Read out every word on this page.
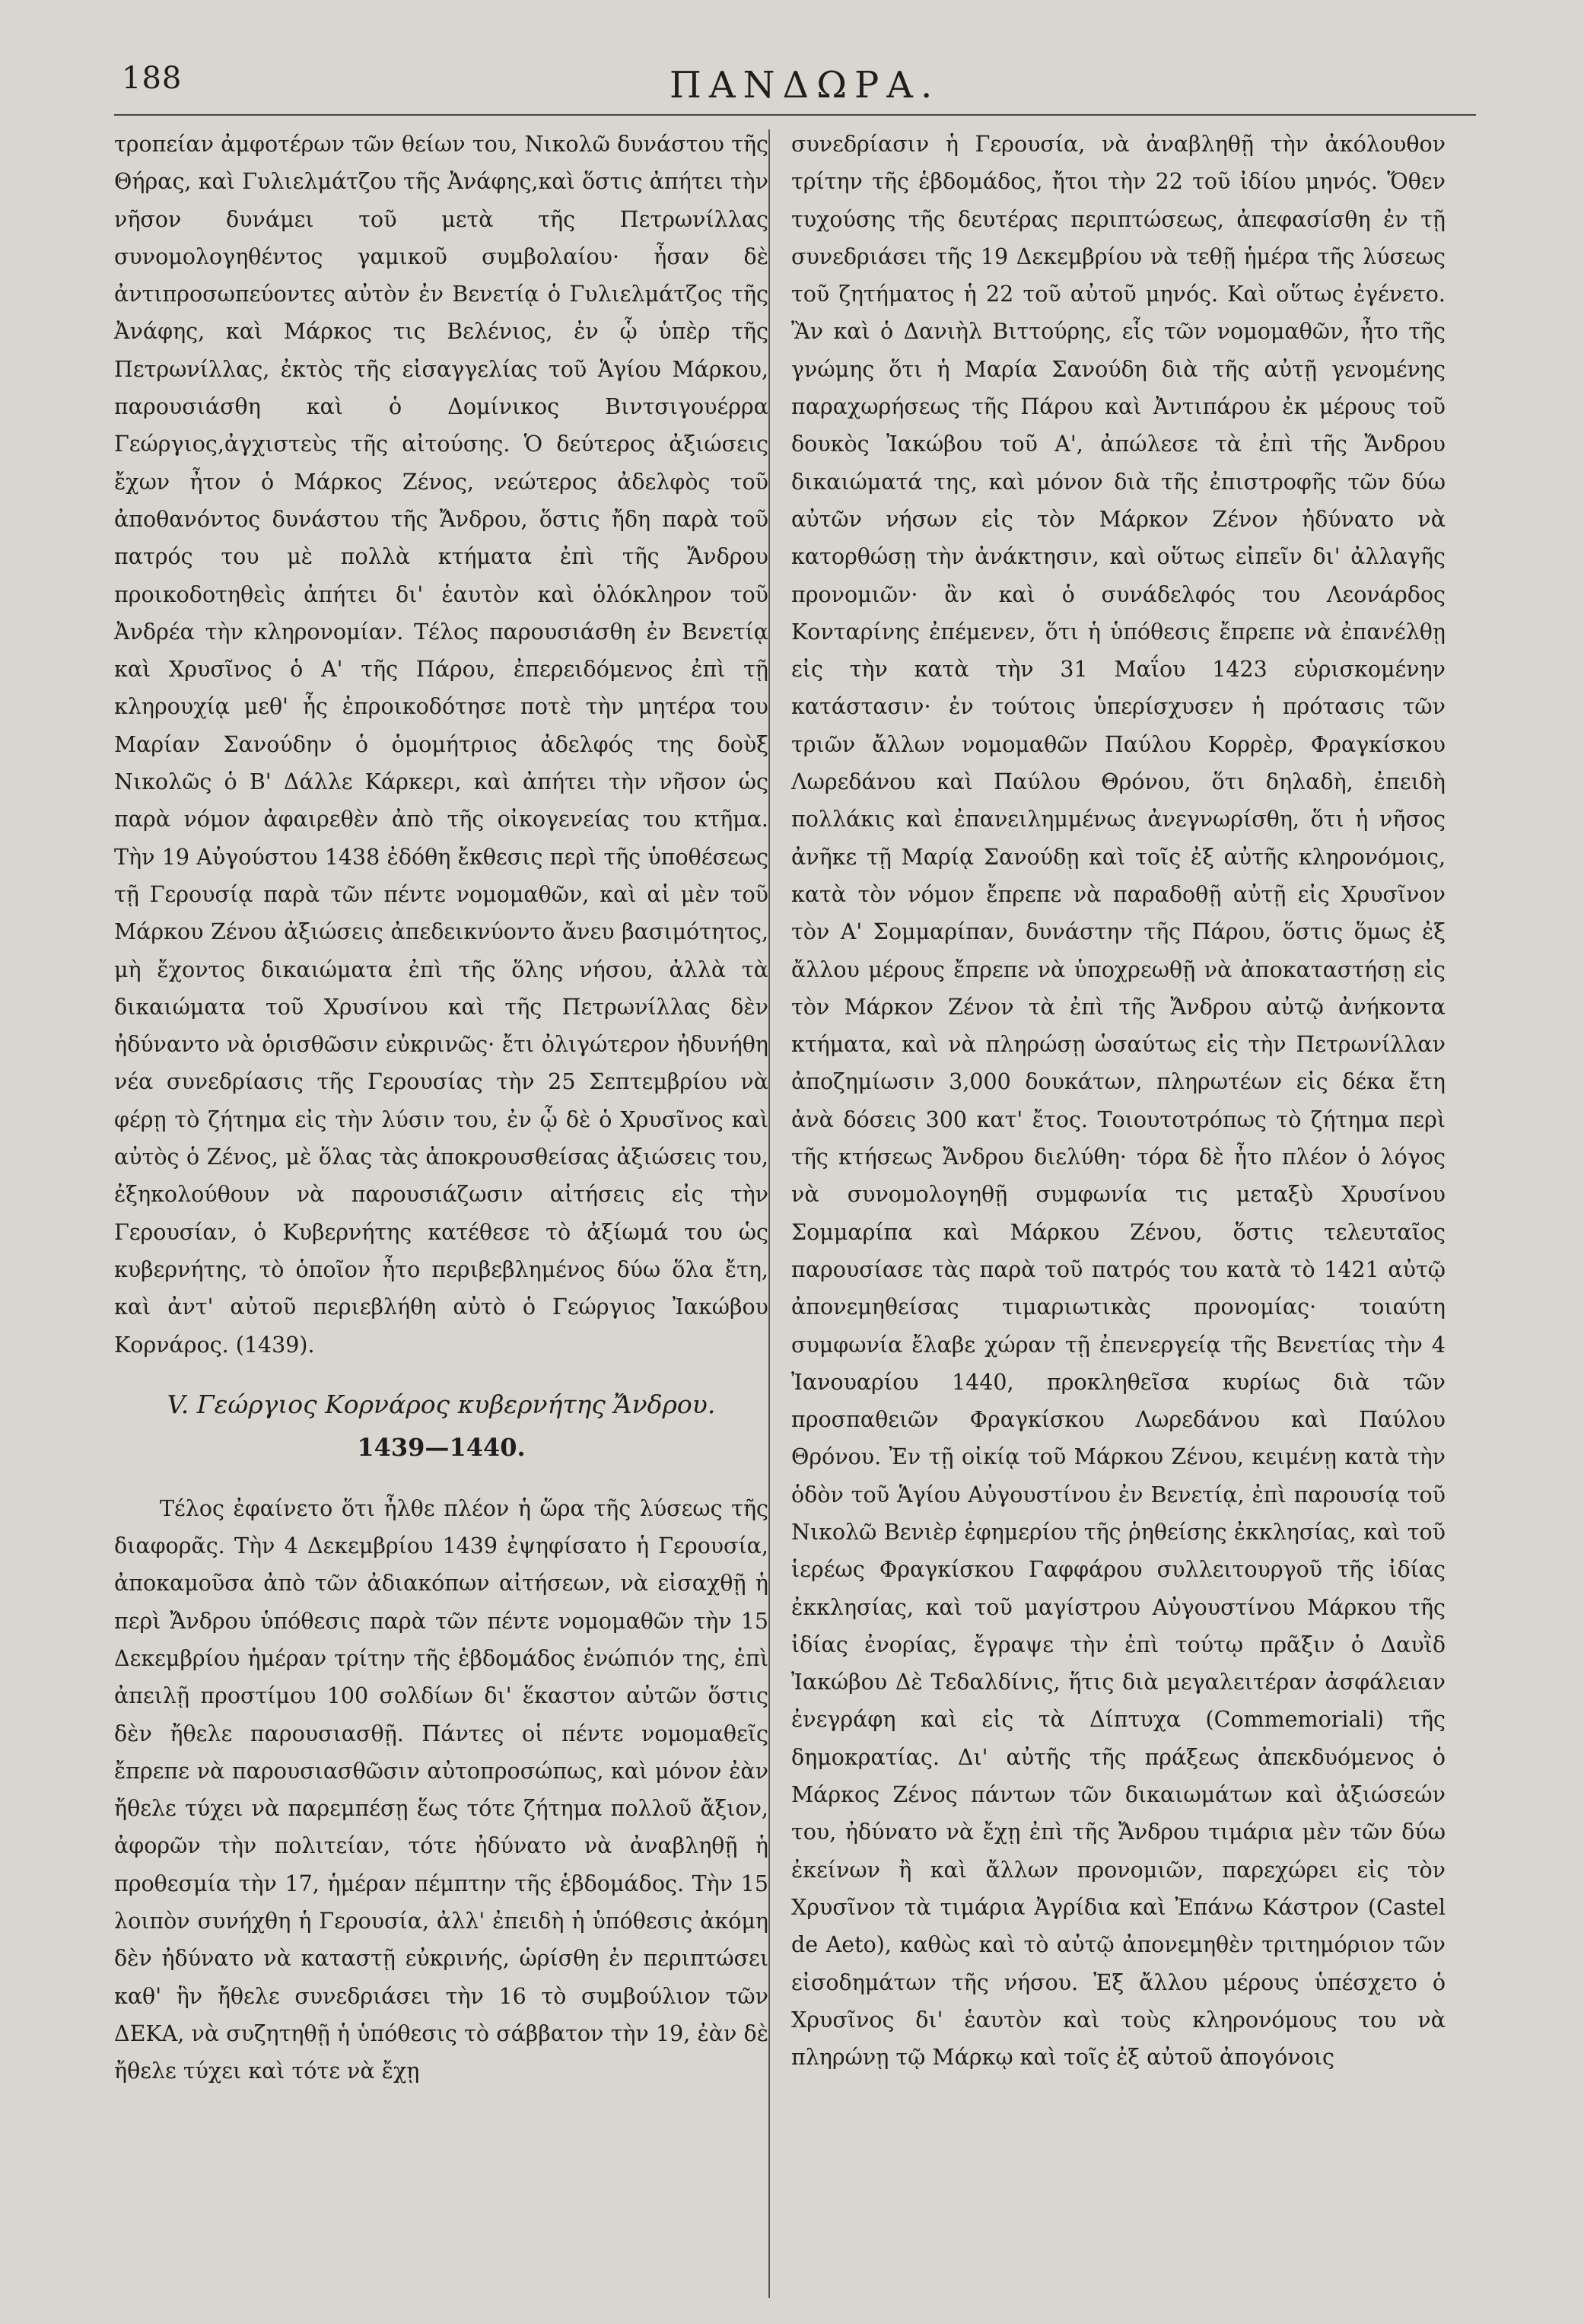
188	ΠΑΝΔΩΡΑ.

τροπείαν ἀμφοτέρων τῶν θείων του, Νικολῶ δυνάστου τῆς Θήρας, καὶ Γυλιελμάτζου τῆς Ἀνάφης,καὶ ὅστις ἀπήτει τὴν νῆσον δυνάμει τοῦ μετὰ τῆς Πετρωνίλλας συνομολογηθέντος γαμικοῦ συμβολαίου· ἦσαν δὲ ἀντιπροσωπεύοντες αὐτὸν ἐν Βενετίᾳ ὁ Γυλιελμάτζος τῆς Ἀνάφης, καὶ Μάρκος τις Βελένιος, ἐν ᾧ ὑπὲρ τῆς Πετρωνίλλας, ἐκτὸς τῆς εἰσαγγελίας τοῦ Ἁγίου Μάρκου, παρουσιάσθη καὶ ὁ Δομίνικος Βιντσιγουέρρα Γεώργιος,ἀγχιστεὺς τῆς αἰτούσης. Ὁ δεύτερος ἀξιώσεις ἔχων ἦτον ὁ Μάρκος Ζένος, νεώτερος ἀδελφὸς τοῦ ἀποθανόντος δυνάστου τῆς Ἄνδρου, ὅστις ἤδη παρὰ τοῦ πατρός του μὲ πολλὰ κτήματα ἐπὶ τῆς Ἄνδρου προικοδοτηθεὶς ἀπήτει δι' ἑαυτὸν καὶ ὁλόκληρον τοῦ Ἀνδρέα τὴν κληρονομίαν. Τέλος παρουσιάσθη ἐν Βενετίᾳ καὶ Χρυσῖνος ὁ Α' τῆς Πάρου, ἐπερειδόμενος ἐπὶ τῇ κληρουχίᾳ μεθ' ἧς ἐπροικοδότησε ποτὲ τὴν μητέρα του Μαρίαν Σανούδην ὁ ὁμομήτριος ἀδελφός της δοὺξ Νικολῶς ὁ Β' Δάλλε Κάρκερι, καὶ ἀπήτει τὴν νῆσον ὡς παρὰ νόμον ἀφαιρεθὲν ἀπὸ τῆς οἰκογενείας του κτῆμα. Τὴν 19 Αὐγούστου 1438 ἐδόθη ἔκθεσις περὶ τῆς ὑποθέσεως τῇ Γερουσίᾳ παρὰ τῶν πέντε νομομαθῶν, καὶ αἱ μὲν τοῦ Μάρκου Ζένου ἀξιώσεις ἀπεδεικνύοντο ἄνευ βασιμότητος, μὴ ἔχοντος δικαιώματα ἐπὶ τῆς ὅλης νήσου, ἀλλὰ τὰ δικαιώματα τοῦ Χρυσίνου καὶ τῆς Πετρωνίλλας δὲν ἠδύναντο νὰ ὁρισθῶσιν εὐκρινῶς· ἔτι ὀλιγώτερον ἠδυνήθη νέα συνεδρίασις τῆς Γερουσίας τὴν 25 Σεπτεμβρίου νὰ φέρῃ τὸ ζήτημα εἰς τὴν λύσιν του, ἐν ᾧ δὲ ὁ Χρυσῖνος καὶ αὐτὸς ὁ Ζένος, μὲ ὅλας τὰς ἀποκρουσθείσας ἀξιώσεις του, ἐξηκολούθουν νὰ παρουσιάζωσιν αἰτήσεις εἰς τὴν Γερουσίαν, ὁ Κυβερνήτης κατέθεσε τὸ ἀξίωμά του ὡς κυβερνήτης, τὸ ὁποῖον ἦτο περιβεβλημένος δύω ὅλα ἔτη, καὶ ἀντ' αὐτοῦ περιεβλήθη αὐτὸ ὁ Γεώργιος Ἰακώβου Κορνάρος. (1439).

V. Γεώργιος Κορνάρος κυβερνήτης Ἄνδρου.
1439—1440.

Τέλος ἐφαίνετο ὅτι ἦλθε πλέον ἡ ὥρα τῆς λύσεως τῆς διαφορᾶς. Τὴν 4 Δεκεμβρίου 1439 ἐψηφίσατο ἡ Γερουσία, ἀποκαμοῦσα ἀπὸ τῶν ἀδιακόπων αἰτήσεων, νὰ εἰσαχθῇ ἡ περὶ Ἄνδρου ὑπόθεσις παρὰ τῶν πέντε νομομαθῶν τὴν 15 Δεκεμβρίου ἡμέραν τρίτην τῆς ἑβδομάδος ἐνώπιόν της, ἐπὶ ἀπειλῇ προστίμου 100 σολδίων δι' ἕκαστον αὐτῶν ὅστις δὲν ἤθελε παρουσιασθῇ. Πάντες οἱ πέντε νομομαθεῖς ἔπρεπε νὰ παρουσιασθῶσιν αὐτοπροσώπως, καὶ μόνον ἐὰν ἤθελε τύχει νὰ παρεμπέσῃ ἕως τότε ζήτημα πολλοῦ ἄξιον, ἀφορῶν τὴν πολιτείαν, τότε ἠδύνατο νὰ ἀναβληθῇ ἡ προθεσμία τὴν 17, ἡμέραν πέμπτην τῆς ἑβδομάδος. Τὴν 15 λοιπὸν συνήχθη ἡ Γερουσία, ἀλλ' ἐπειδὴ ἡ ὑπόθεσις ἀκόμη δὲν ἠδύνατο νὰ καταστῇ εὐκρινής, ὡρίσθη ἐν περιπτώσει καθ' ἣν ἤθελε συνεδριάσει τὴν 16 τὸ συμβούλιον τῶν ΔΕΚΑ, νὰ συζητηθῇ ἡ ὑπόθεσις τὸ σάββατον τὴν 19, ἐὰν δὲ ἤθελε τύχει καὶ τότε νὰ ἔχῃ

συνεδρίασιν ἡ Γερουσία, νὰ ἀναβληθῇ τὴν ἀκόλουθον τρίτην τῆς ἑβδομάδος, ἤτοι τὴν 22 τοῦ ἰδίου μηνός. Ὅθεν τυχούσης τῆς δευτέρας περιπτώσεως, ἀπεφασίσθη ἐν τῇ συνεδριάσει τῆς 19 Δεκεμβρίου νὰ τεθῇ ἡμέρα τῆς λύσεως τοῦ ζητήματος ἡ 22 τοῦ αὐτοῦ μηνός. Καὶ οὕτως ἐγένετο. Ἂν καὶ ὁ Δανιὴλ Βιττούρης, εἷς τῶν νομομαθῶν, ἦτο τῆς γνώμης ὅτι ἡ Μαρία Σανούδη διὰ τῆς αὐτῇ γενομένης παραχωρήσεως τῆς Πάρου καὶ Ἀντιπάρου ἐκ μέρους τοῦ δουκὸς Ἰακώβου τοῦ Α', ἀπώλεσε τὰ ἐπὶ τῆς Ἄνδρου δικαιώματά της, καὶ μόνον διὰ τῆς ἐπιστροφῆς τῶν δύω αὐτῶν νήσων εἰς τὸν Μάρκον Ζένον ἠδύνατο νὰ κατορθώσῃ τὴν ἀνάκτησιν, καὶ οὕτως εἰπεῖν δι' ἀλλαγῆς προνομιῶν· ἂν καὶ ὁ συνάδελφός του Λεονάρδος Κονταρίνης ἐπέμενεν, ὅτι ἡ ὑπόθεσις ἔπρεπε νὰ ἐπανέλθῃ εἰς τὴν κατὰ τὴν 31 Μαΐου 1423 εὑρισκομένην κατάστασιν· ἐν τούτοις ὑπερίσχυσεν ἡ πρότασις τῶν τριῶν ἄλλων νομομαθῶν Παύλου Κορρὲρ, Φραγκίσκου Λωρεδάνου καὶ Παύλου Θρόνου, ὅτι δηλαδὴ, ἐπειδὴ πολλάκις καὶ ἐπανειλημμένως ἀνεγνωρίσθη, ὅτι ἡ νῆσος ἀνῆκε τῇ Μαρίᾳ Σανούδῃ καὶ τοῖς ἐξ αὐτῆς κληρονόμοις, κατὰ τὸν νόμον ἔπρεπε νὰ παραδοθῇ αὐτῇ εἰς Χρυσῖνον τὸν Α' Σομμαρίπαν, δυνάστην τῆς Πάρου, ὅστις ὅμως ἐξ ἄλλου μέρους ἔπρεπε νὰ ὑποχρεωθῇ νὰ ἀποκαταστήσῃ εἰς τὸν Μάρκον Ζένον τὰ ἐπὶ τῆς Ἄνδρου αὐτῷ ἀνήκοντα κτήματα, καὶ νὰ πληρώσῃ ὡσαύτως εἰς τὴν Πετρωνίλλαν ἀποζημίωσιν 3,000 δουκάτων, πληρωτέων εἰς δέκα ἔτη ἀνὰ δόσεις 300 κατ' ἔτος. Τοιουτοτρόπως τὸ ζήτημα περὶ τῆς κτήσεως Ἄνδρου διελύθη· τόρα δὲ ἦτο πλέον ὁ λόγος νὰ συνομολογηθῇ συμφωνία τις μεταξὺ Χρυσίνου Σομμαρίπα καὶ Μάρκου Ζένου, ὅστις τελευταῖος παρουσίασε τὰς παρὰ τοῦ πατρός του κατὰ τὸ 1421 αὐτῷ ἀπονεμηθείσας τιμαριωτικὰς προνομίας· τοιαύτη συμφωνία ἔλαβε χώραν τῇ ἐπενεργείᾳ τῆς Βενετίας τὴν 4 Ἰανουαρίου 1440, προκληθεῖσα κυρίως διὰ τῶν προσπαθειῶν Φραγκίσκου Λωρεδάνου καὶ Παύλου Θρόνου. Ἐν τῇ οἰκίᾳ τοῦ Μάρκου Ζένου, κειμένῃ κατὰ τὴν ὁδὸν τοῦ Ἁγίου Αὐγουστίνου ἐν Βενετίᾳ, ἐπὶ παρουσίᾳ τοῦ Νικολῶ Βενιὲρ ἐφημερίου τῆς ῥηθείσης ἐκκλησίας, καὶ τοῦ ἱερέως Φραγκίσκου Γαφφάρου συλλειτουργοῦ τῆς ἰδίας ἐκκλησίας, καὶ τοῦ μαγίστρου Αὐγουστίνου Μάρκου τῆς ἰδίας ἐνορίας, ἔγραψε τὴν ἐπὶ τούτῳ πρᾶξιν ὁ Δαυῒδ Ἰακώβου Δὲ Τεδαλδίνις, ἥτις διὰ μεγαλειτέραν ἀσφάλειαν ἐνεγράφη καὶ εἰς τὰ Δίπτυχα (Commemoriali) τῆς δημοκρατίας. Δι' αὐτῆς τῆς πράξεως ἀπεκδυόμενος ὁ Μάρκος Ζένος πάντων τῶν δικαιωμάτων καὶ ἀξιώσεών του, ἠδύνατο νὰ ἔχῃ ἐπὶ τῆς Ἄνδρου τιμάρια μὲν τῶν δύω ἐκείνων ἢ καὶ ἄλλων προνομιῶν, παρεχώρει εἰς τὸν Χρυσῖνον τὰ τιμάρια Ἀγρίδια καὶ Ἐπάνω Κάστρον (Castel de Aeto), καθὼς καὶ τὸ αὐτῷ ἀπονεμηθὲν τριτημόριον τῶν εἰσοδημάτων τῆς νήσου. Ἐξ ἄλλου μέρους ὑπέσχετο ὁ Χρυσῖνος δι' ἑαυτὸν καὶ τοὺς κληρονόμους του νὰ πληρώνῃ τῷ Μάρκῳ καὶ τοῖς ἐξ αὐτοῦ ἀπογόνοις
